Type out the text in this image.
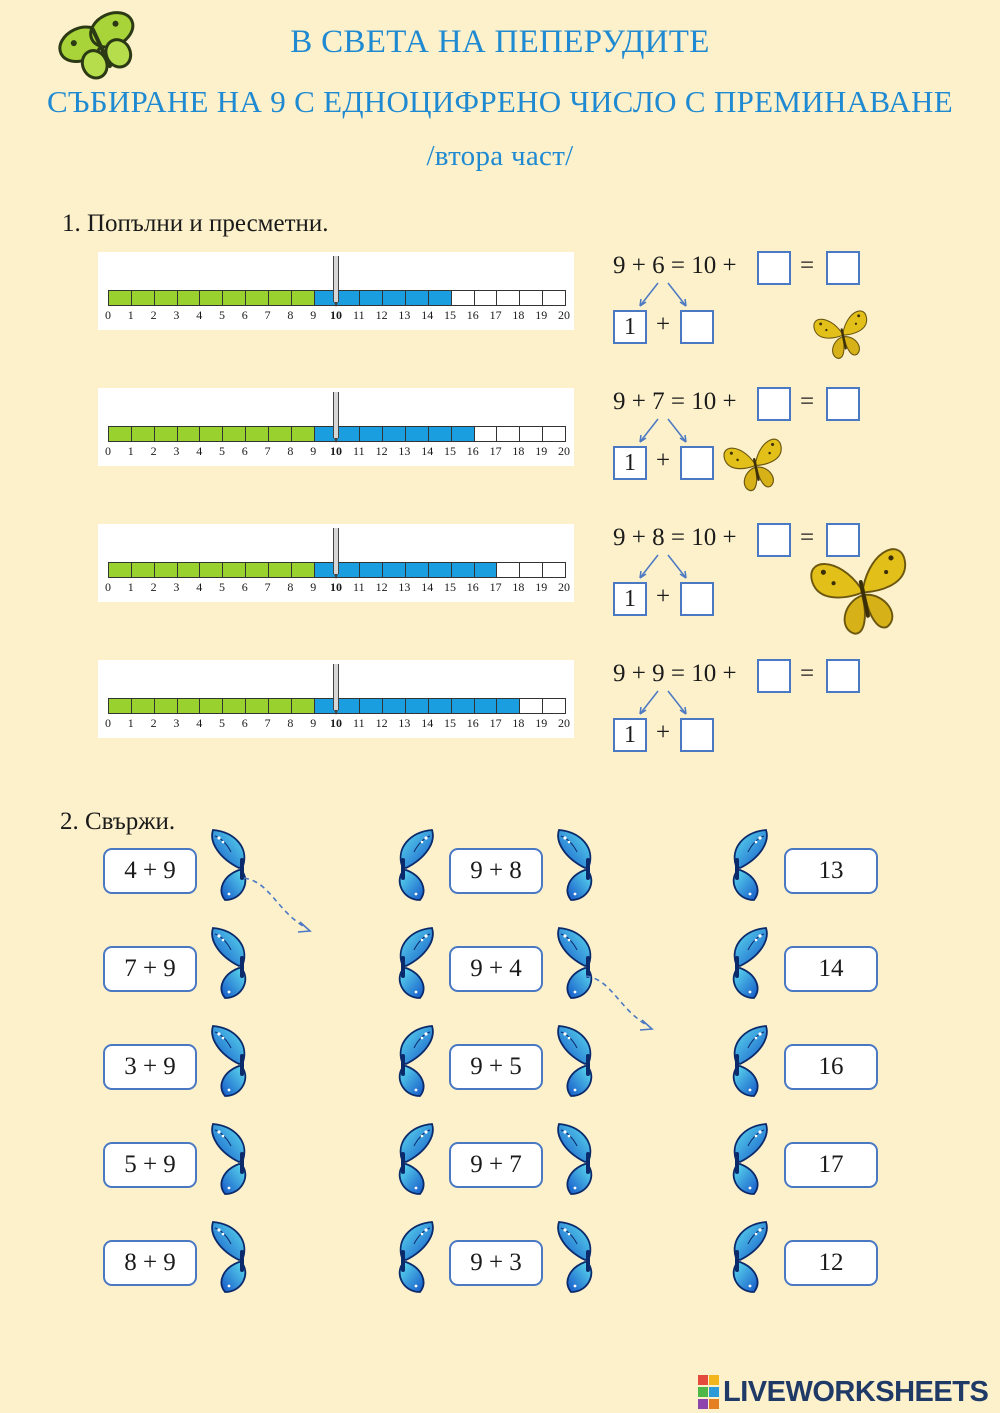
В СВЕТА НА ПЕПЕРУДИТЕ
СЪБИРАНЕ НА 9 С ЕДНОЦИФРЕНО ЧИСЛО С ПРЕМИНАВАНЕ
/втора част/
1. Попълни и пресметни.
0	1	2	3	4	5	6	7	8	9	10 11 12 13 14 15 16 17 18 19 20
9 + 6 = 10 +	=
1 +
0	1	2	3	4	5	6	7	8	9	10 11 12 13 14 15 16 17 18 19 20
9 + 7 = 10 +	=
1 +
0	1	2	3	4	5	6	7	8	9	10 11 12 13 14 15 16 17 18 19 20
9 + 8 = 10 +	=
1 +
0	1	2	3	4	5	6	7	8	9	10 11 12 13 14 15 16 17 18 19 20
9 + 9 = 10 +	=
1 +
2. Свържи.
4 + 9	9 + 8	13
7 + 9	9 + 4	14
3 + 9	9 + 5	16
5 + 9	9 + 7	17
8 + 9	9 + 3	12
LIVEWORKSHEETS
